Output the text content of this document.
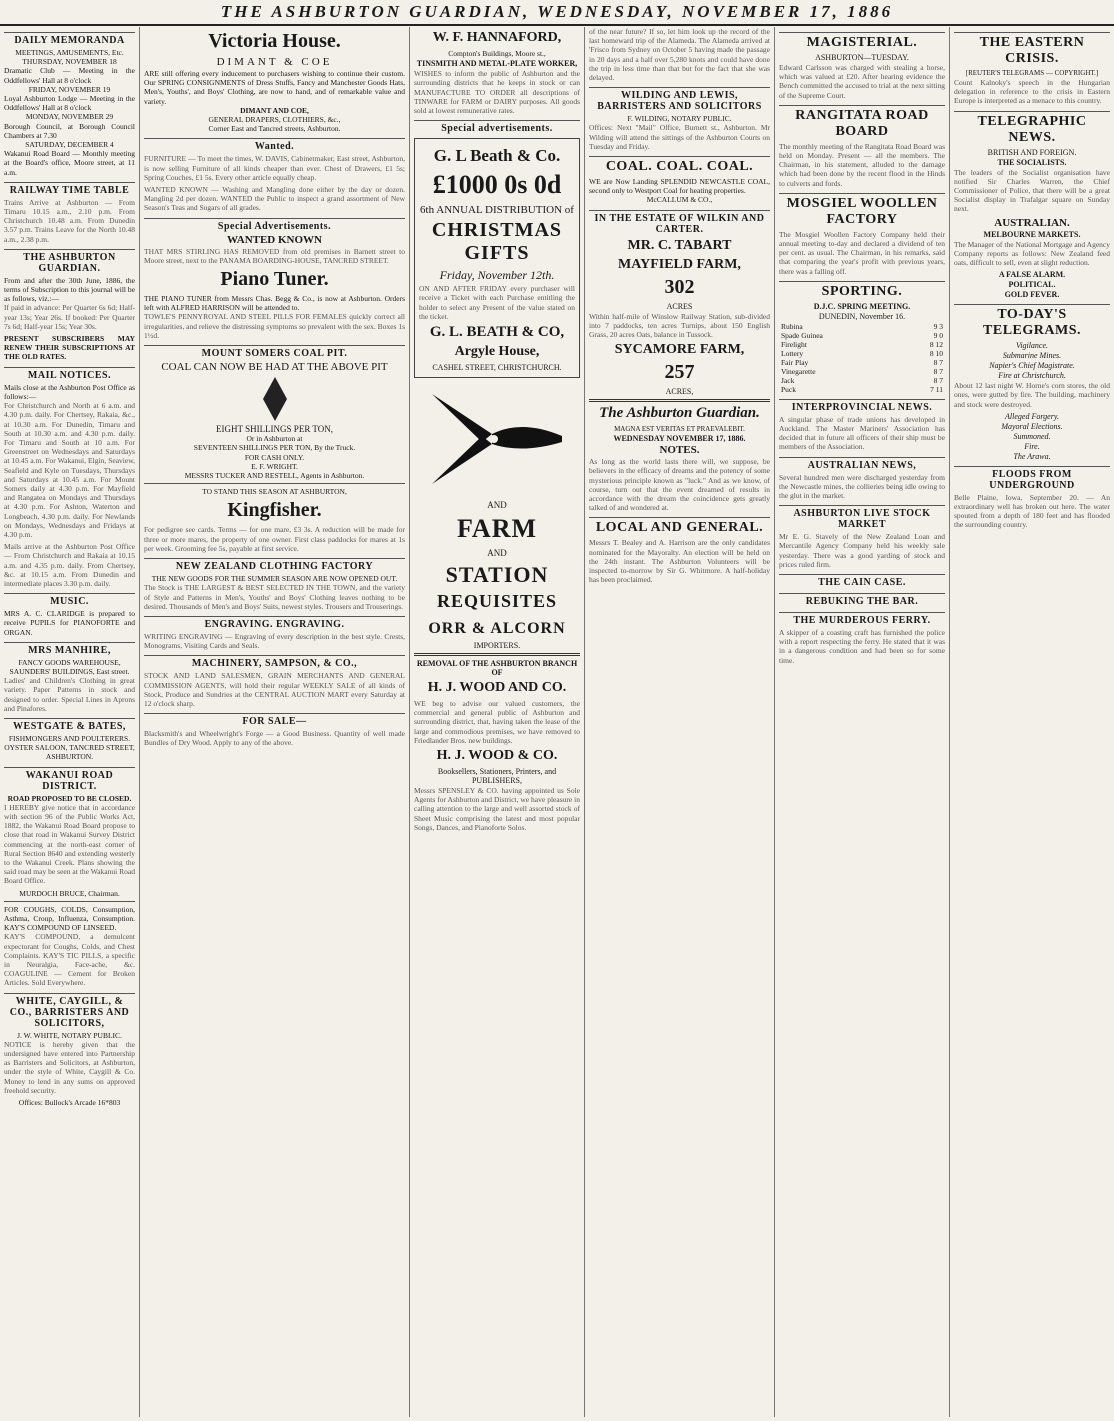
THE ASHBURTON GUARDIAN, WEDNESDAY, NOVEMBER 17, 1886
DAILY MEMORANDA

MEETINGS, AMUSEMENTS, Etc.

THURSDAY, NOVEMBER 18

Dramatic Club — Meeting in the Oddfellows' Hall at 8 o'clock

FRIDAY, NOVEMBER 19

Loyal Ashburton Lodge — Meeting in the Oddfellows' Hall at 8 o'clock

MONDAY, NOVEMBER 29

Borough Council, at Borough Council Chambers at 7.30

SATURDAY, DECEMBER 4

Wakanui Road Board — Monthly meeting at the Board's office, Moore street, at 11 a.m.

RAILWAY TIME TABLE

Trains Arrive at Ashburton — From Timaru 10.15 a.m., 2.10 p.m. From Christchurch 10.48 a.m. From Dunedin 3.57 p.m. Trains Leave for the North 10.48 a.m., 2.38 p.m.

THE ASHBURTON GUARDIAN.

From and after the 30th June, 1886, the terms of Subscription to this journal will be as follows, viz.:—

If paid in advance: Per Quarter 6s 6d; Half-year 13s; Year 26s. If booked: Per Quarter 7s 6d; Half-year 15s; Year 30s.

PRESENT SUBSCRIBERS MAY RENEW THEIR SUBSCRIPTIONS AT THE OLD RATES.

MAIL NOTICES.

Mails close at the Ashburton Post Office as follows:—

For Christchurch and North at 6 a.m. and 4.30 p.m. daily. For Chertsey, Rakaia, &c., at 10.30 a.m. For Dunedin, Timaru and South at 10.30 a.m. and 4.30 p.m. daily. For Timaru and South at 10 a.m. For Greenstreet on Wednesdays and Saturdays at 10.45 a.m. For Wakanui, Elgin, Seaview, Seafield and Kyle on Tuesdays, Thursdays and Saturdays at 10.45 a.m. For Mount Somers daily at 4.30 p.m. For Mayfield and Rangatea on Mondays and Thursdays at 4.30 p.m. For Ashton, Waterton and Longbeach, 4.30 p.m. daily. For Newlands on Mondays, Wednesdays and Fridays at 4.30 p.m.

Mails arrive at the Ashburton Post Office — From Christchurch and Rakaia at 10.15 a.m. and 4.35 p.m. daily. From Chertsey, &c. at 10.15 a.m. From Dunedin and intermediate places 3.30 p.m. daily.

MUSIC.

MRS A. C. CLARIDGE is prepared to receive PUPILS for PIANOFORTE and ORGAN.

MRS MANHIRE,

FANCY GOODS WAREHOUSE, SAUNDERS' BUILDINGS, East street.

Ladies' and Children's Clothing in great variety. Paper Patterns in stock and designed to order. Special Lines in Aprons and Pinafores.

WESTGATE & BATES,

FISHMONGERS AND POULTERERS. OYSTER SALOON, TANCRED STREET, ASHBURTON.

WAKANUI ROAD DISTRICT.

ROAD PROPOSED TO BE CLOSED.

I HEREBY give notice that in accordance with section 96 of the Public Works Act, 1882, the Wakanui Road Board propose to close that road in Wakanui Survey District commencing at the north-east corner of Rural Section 8640 and extending westerly to the Wakanui Creek. Plans showing the said road may be seen at the Wakanui Road Board Office.

MURDOCH BRUCE, Chairman.

FOR COUGHS, COLDS, Consumption, Asthma, Croup, Influenza, Consumption. KAY'S COMPOUND OF LINSEED.

KAY'S COMPOUND, a demulcent expectorant for Coughs, Colds, and Chest Complaints. KAY'S TIC PILLS, a specific in Neuralgia, Face-ache, &c. COAGULINE — Cement for Broken Articles. Sold Everywhere.

WHITE, CAYGILL, & CO., BARRISTERS AND SOLICITORS,

J. W. WHITE, NOTARY PUBLIC.

NOTICE is hereby given that the undersigned have entered into Partnership as Barristers and Solicitors, at Ashburton, under the style of White, Caygill & Co. Money to lend in any sums on approved freehold security.

Offices: Bullock's Arcade 16*803

Victoria House.
DIMANT & COE

ARE still offering every inducement to purchasers wishing to continue their custom. Our SPRING CONSIGNMENTS of Dress Stuffs, Fancy and Manchester Goods Hats, Men's, Youths', and Boys' Clothing, are now to hand, and of remarkable value and variety.

DIMANT AND COE,

GENERAL DRAPERS, CLOTHIERS, &c.,

Corner East and Tancred streets, Ashburton.

Wanted.

FURNITURE — To meet the times, W. DAVIS, Cabinetmaker, East street, Ashburton, is now selling Furniture of all kinds cheaper than ever. Chest of Drawers, £1 5s; Spring Couches, £1 5s. Every other article equally cheap.

WANTED KNOWN — Washing and Mangling done either by the day or dozen. Mangling 2d per dozen. WANTED the Public to inspect a grand assortment of New Season's Teas and Sugars of all grades.

Special Advertisements.
WANTED KNOWN

THAT MRS STIRLING HAS REMOVED from old premises in Barnett street to Moore street, next to the PANAMA BOARDING-HOUSE, TANCRED STREET.

Piano Tuner.

THE PIANO TUNER from Messrs Chas. Begg & Co., is now at Ashburton. Orders left with ALFRED HARRISON will be attended to.

TOWLE'S PENNYROYAL AND STEEL PILLS FOR FEMALES quickly correct all irregularities, and relieve the distressing symptoms so prevalent with the sex. Boxes 1s 1½d.

MOUNT SOMERS COAL PIT.
COAL CAN NOW BE HAD AT THE ABOVE PIT

EIGHT SHILLINGS PER TON,

Or in Ashburton at

SEVENTEEN SHILLINGS PER TON, By the Truck.

FOR CASH ONLY.

E. F. WRIGHT.

MESSRS TUCKER AND RESTELL, Agents in Ashburton.

TO STAND THIS SEASON AT ASHBURTON,

Kingfisher.

For pedigree see cards. Terms — for one mare, £3 3s. A reduction will be made for three or more mares, the property of one owner. First class paddocks for mares at 1s per week. Grooming fee 5s, payable at first service.

NEW ZEALAND CLOTHING FACTORY

THE NEW GOODS FOR THE SUMMER SEASON ARE NOW OPENED OUT.

The Stock is THE LARGEST & BEST SELECTED IN THE TOWN, and the variety of Style and Patterns in Men's, Youths' and Boys' Clothing leaves nothing to be desired. Thousands of Men's and Boys' Suits, newest styles. Trousers and Trouserings.

ENGRAVING. ENGRAVING.

WRITING ENGRAVING — Engraving of every description in the best style. Crests, Monograms, Visiting Cards and Seals.

MACHINERY, SAMPSON, & CO.,

STOCK AND LAND SALESMEN, GRAIN MERCHANTS AND GENERAL COMMISSION AGENTS, will hold their regular WEEKLY SALE of all kinds of Stock, Produce and Sundries at the CENTRAL AUCTION MART every Saturday at 12 o'clock sharp.

FOR SALE—

Blacksmith's and Wheelwright's Forge — a Good Business. Quantity of well made Bundles of Dry Wood. Apply to any of the above.

W. F. HANNAFORD,

Compton's Buildings, Moore st.,

TINSMITH AND METAL-PLATE WORKER,

WISHES to inform the public of Ashburton and the surrounding districts that he keeps in stock or can MANUFACTURE TO ORDER all descriptions of TINWARE for FARM or DAIRY purposes. All goods sold at lowest remunerative rates.

Special advertisements.
G. L Beath & Co.
£1000 0s 0d
6th ANNUAL DISTRIBUTION of
CHRISTMAS GIFTS
Friday, November 12th.

ON AND AFTER FRIDAY every purchaser will receive a Ticket with each Purchase entitling the holder to select any Present of the value stated on the ticket.

G. L. BEATH & CO,
Argyle House,
CASHEL STREET, CHRISTCHURCH.
AND
FARM
AND
STATION
REQUISITES
ORR & ALCORN
IMPORTERS.
REMOVAL OF THE ASHBURTON BRANCH OF
H. J. WOOD AND CO.

WE beg to advise our valued customers, the commercial and general public of Ashburton and surrounding district, that, having taken the lease of the large and commodious premises, we have removed to Friedlander Bros. new buildings.

H. J. WOOD & CO.
Booksellers, Stationers, Printers, and PUBLISHERS,

Messrs SPENSLEY & CO. having appointed us Sole Agents for Ashburton and District, we have pleasure in calling attention to the large and well assorted stock of Sheet Music comprising the latest and most popular Songs, Dances, and Pianoforte Solos.

of the near future? If so, let him look up the record of the last homeward trip of the Alameda. The Alameda arrived at 'Frisco from Sydney on October 5 having made the passage in 20 days and a half over 5,280 knots and could have done the trip in less time than that but for the fact that she was delayed.

WILDING AND LEWIS, BARRISTERS AND SOLICITORS

F. WILDING, NOTARY PUBLIC.

Offices: Next "Mail" Office, Burnett st., Ashburton. Mr Wilding will attend the sittings of the Ashburton Courts on Tuesday and Friday.

COAL. COAL. COAL.

WE are Now Landing SPLENDID NEWCASTLE COAL, second only to Westport Coal for heating properties.

McCALLUM & CO.,

IN THE ESTATE OF WILKIN AND CARTER.
MR. C. TABART
MAYFIELD FARM,
302
ACRES

Within half-mile of Winslow Railway Station, sub-divided into 7 paddocks, ten acres Turnips, about 150 English Grass, 20 acres Oats, balance in Tussock.

SYCAMORE FARM,
257
ACRES,
The Ashburton Guardian.
MAGNA EST VERITAS ET PRAEVALEBIT.
WEDNESDAY NOVEMBER 17, 1886.
NOTES.

As long as the world lasts there will, we suppose, be believers in the efficacy of dreams and the potency of some mysterious principle known as "luck." And as we know, of course, turn out that the event dreamed of results in accordance with the dream the coincidence gets greatly talked of and wondered at.

LOCAL AND GENERAL.

Messrs T. Bealey and A. Harrison are the only candidates nominated for the Mayoralty. An election will be held on the 24th instant. The Ashburton Volunteers will be inspected to-morrow by Sir G. Whitmore. A half-holiday has been proclaimed.

MAGISTERIAL.
ASHBURTON—TUESDAY.

Edward Carlsson was charged with stealing a horse, which was valued at £20. After hearing evidence the Bench committed the accused to trial at the next sitting of the Supreme Court.

RANGITATA ROAD BOARD

The monthly meeting of the Rangitata Road Board was held on Monday. Present — all the members. The Chairman, in his statement, alluded to the damage which had been done by the recent flood in the Hinds to culverts and fords.

MOSGIEL WOOLLEN FACTORY

The Mosgiel Woollen Factory Company held their annual meeting to-day and declared a dividend of ten per cent. as usual. The Chairman, in his remarks, said that comparing the year's profit with previous years, there was a falling off.

SPORTING.
D.J.C. SPRING MEETING.
DUNEDIN, November 16.
Rubina	9 3
Spade Guinea	9 0
Firelight	8 12
Lottery	8 10
Fair Play	8 7
Vinegarette	8 7
Jack	8 7
Puck	7 11
INTERPROVINCIAL NEWS.

A singular phase of trade unions has developed in Auckland. The Master Mariners' Association has decided that in future all officers of their ship must be members of the Association.

AUSTRALIAN NEWS,

Several hundred men were discharged yesterday from the Newcastle mines, the collieries being idle owing to the glut in the market.

ASHBURTON LIVE STOCK MARKET

Mr E. G. Stavely of the New Zealand Loan and Mercantile Agency Company held his weekly sale yesterday. There was a good yarding of stock and prices ruled firm.

THE CAIN CASE.
REBUKING THE BAR.
THE MURDEROUS FERRY.

A skipper of a coasting craft has furnished the police with a report respecting the ferry. He stated that it was in a dangerous condition and had been so for some time.

THE EASTERN CRISIS.
[REUTER'S TELEGRAMS — COPYRIGHT.]

Count Kalnoky's speech in the Hungarian delegation in reference to the crisis in Eastern Europe is interpreted as a menace to this country.

TELEGRAPHIC NEWS.
BRITISH AND FOREIGN.
THE SOCIALISTS.

The leaders of the Socialist organisation have notified Sir Charles Warren, the Chief Commissioner of Police, that there will be a great Socialist display in Trafalgar square on Sunday next.

AUSTRALIAN.
MELBOURNE MARKETS.

The Manager of the National Mortgage and Agency Company reports as follows: New Zealand feed oats, difficult to sell, even at slight reduction.

A FALSE ALARM.
POLITICAL.
GOLD FEVER.
TO-DAY'S TELEGRAMS.
Vigilance.
Submarine Mines.
Napier's Chief Magistrate.
Fire at Christchurch.

About 12 last night W. Horne's corn stores, the old ones, were gutted by fire. The building, machinery and stock were destroyed.

Alleged Forgery.
Mayoral Elections.
Summoned.
Fire.
The Arawa.
FLOODS FROM UNDERGROUND

Belle Plaine, Iowa, September 20. — An extraordinary well has broken out here. The water spouted from a depth of 180 feet and has flooded the surrounding country.
